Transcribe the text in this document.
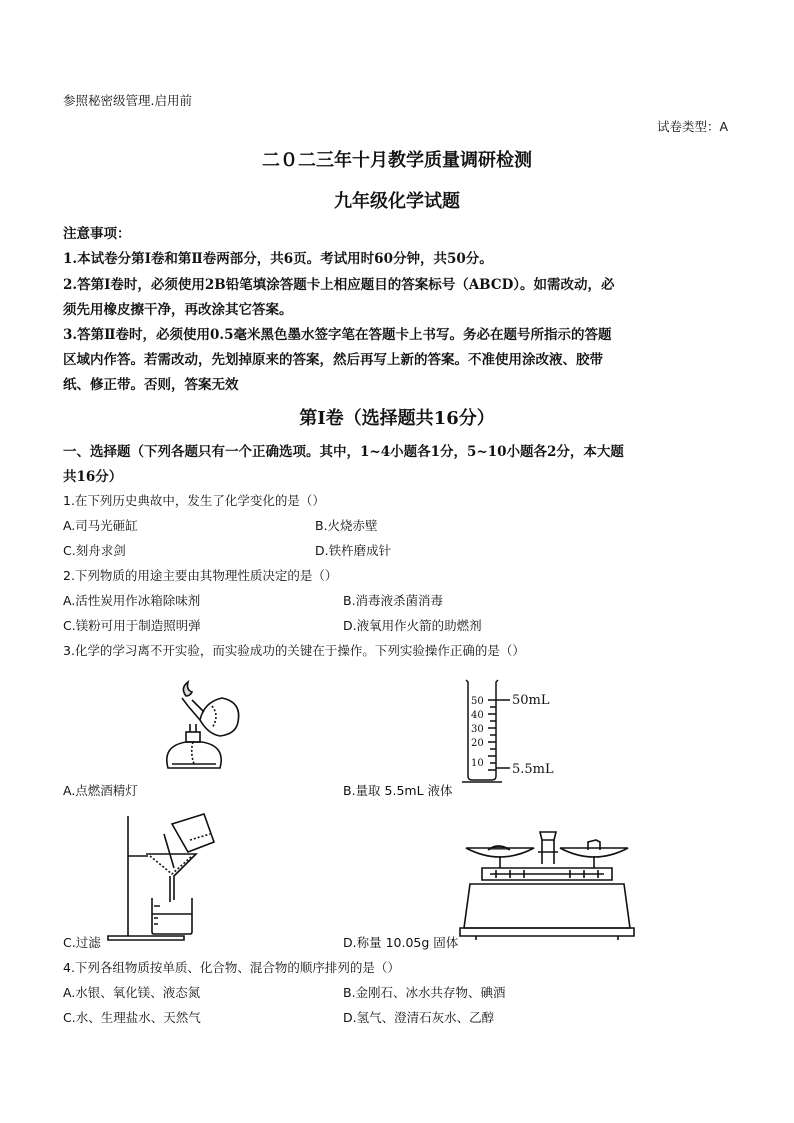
参照秘密级管理.启用前
试卷类型：A
二０二三年十月教学质量调研检测
九年级化学试题
注意事项：
1.本试卷分第Ⅰ卷和第Ⅱ卷两部分，共6页。考试用时60分钟，共50分。
2.答第Ⅰ卷时，必须使用2B铅笔填涂答题卡上相应题目的答案标号（ABCD）。如需改动，必
须先用橡皮擦干净，再改涂其它答案。
3.答第Ⅱ卷时，必须使用0.5毫米黑色墨水签字笔在答题卡上书写。务必在题号所指示的答题
区域内作答。若需改动，先划掉原来的答案，然后再写上新的答案。不准使用涂改液、胶带
纸、修正带。否则，答案无效
第Ⅰ卷（选择题共16分）
一、选择题（下列各题只有一个正确选项。其中，1~4小题各1分，5~10小题各2分，本大题
共16分）
1.在下列历史典故中，发生了化学变化的是（）
A.司马光砸缸	B.火烧赤壁
C.刻舟求剑	D.铁杵磨成针
2.下列物质的用途主要由其物理性质决定的是（）
A.活性炭用作冰箱除味剂	B.消毒液杀菌消毒
C.镁粉可用于制造照明弹	D.液氧用作火箭的助燃剂
3.化学的学习离不开实验，而实验成功的关键在于操作。下列实验操作正确的是（）
A.点燃酒精灯
50
40
30
20
10
50mL
5.5mL
B.量取 5.5mL 液体
C.过滤	D.称量 10.05g 固体
4.下列各组物质按单质、化合物、混合物的顺序排列的是（）
A.水银、氧化镁、液态氮	B.金刚石、冰水共存物、碘酒
C.水、生理盐水、天然气	D.氢气、澄清石灰水、乙醇
